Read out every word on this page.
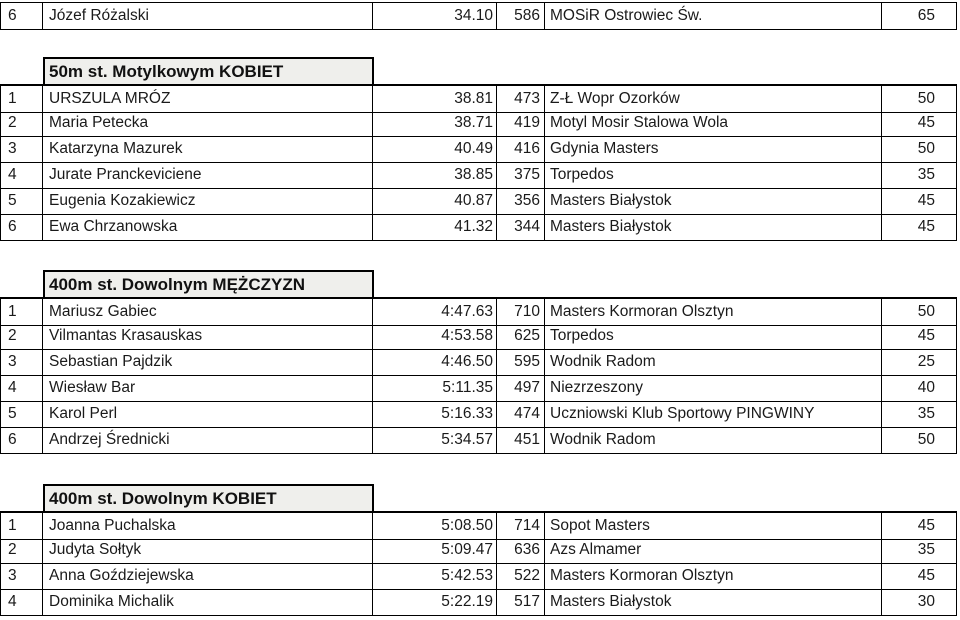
6	Józef Różalski	34.10	586 MOSiR Ostrowiec Św.	65
50m st. Motylkowym KOBIET
1	URSZULA MRÓZ	38.81	473 Z-Ł Wopr Ozorków	50
2	Maria Petecka	38.71	419 Motyl Mosir Stalowa Wola	45
3	Katarzyna Mazurek	40.49	416 Gdynia Masters	50
4	Jurate Pranckeviciene	38.85	375 Torpedos	35
5	Eugenia Kozakiewicz	40.87	356 Masters Białystok	45
6	Ewa Chrzanowska	41.32	344 Masters Białystok	45
400m st. Dowolnym MĘŻCZYZN
1	Mariusz Gabiec	4:47.63	710 Masters Kormoran Olsztyn	50
2	Vilmantas Krasauskas	4:53.58	625 Torpedos	45
3	Sebastian Pajdzik	4:46.50	595 Wodnik Radom	25
4	Wiesław Bar	5:11.35	497 Niezrzeszony	40
5	Karol Perl	5:16.33	474 Uczniowski Klub Sportowy PINGWINY	35
6	Andrzej Średnicki	5:34.57	451 Wodnik Radom	50
400m st. Dowolnym KOBIET
1	Joanna Puchalska	5:08.50	714 Sopot Masters	45
2	Judyta Sołtyk	5:09.47	636 Azs Almamer	35
3	Anna Goździejewska	5:42.53	522 Masters Kormoran Olsztyn	45
4	Dominika Michalik	5:22.19	517 Masters Białystok	30
